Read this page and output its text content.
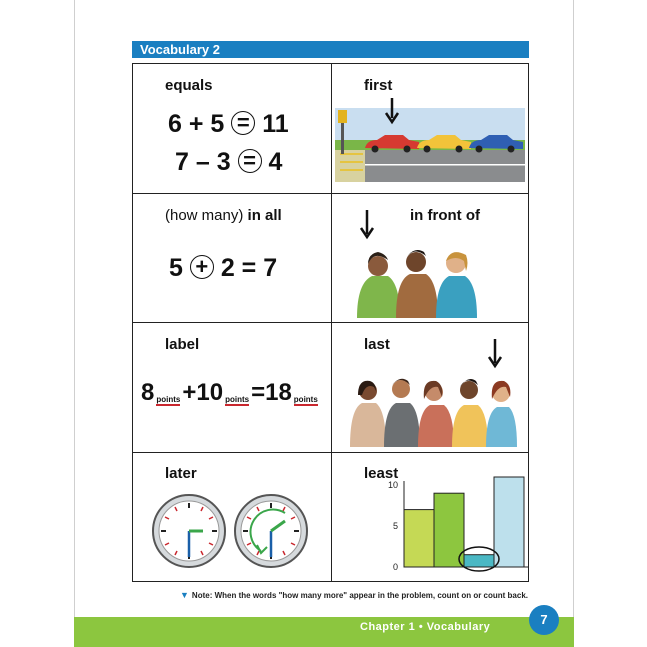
Vocabulary 2
equals
6 + 5 = 11
7 – 3 = 4
first
(how many) in all
5 + 2 = 7
in front of
label
8 points+10 points=18 points
last
later	least
10
5
0
▼ Note: When the words "how many more" appear in the problem, count on or count back.
Chapter 1 • Vocabulary	7
